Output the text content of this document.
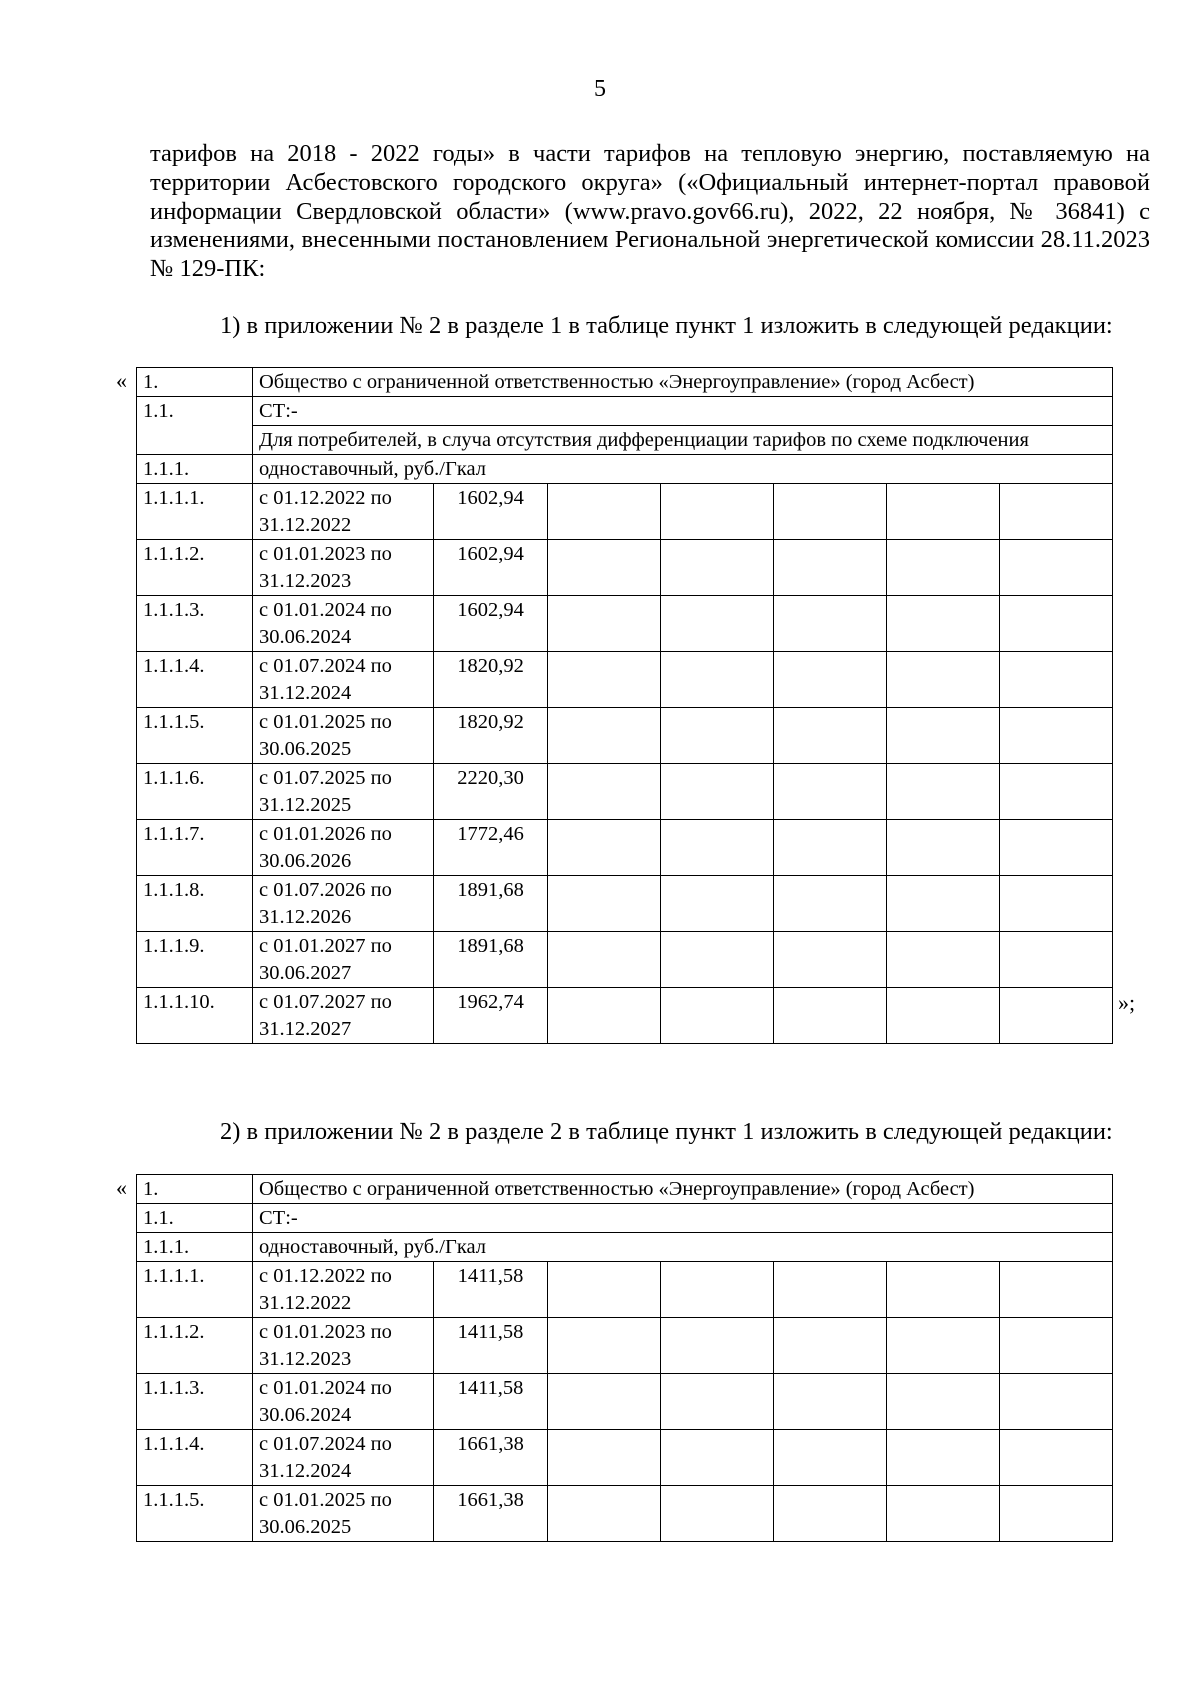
5
тарифов на 2018 - 2022 годы» в части тарифов на тепловую энергию, поставляемую на территории Асбестовского городского округа» («Официальный интернет-портал правовой информации Свердловской области» (www.pravo.gov66.ru), 2022, 22 ноября, № 36841) с изменениями, внесенными постановлением Региональной энергетической комиссии 28.11.2023 № 129-ПК:
1) в приложении № 2 в разделе 1 в таблице пункт 1 изложить в следующей редакции:
« 1.	Общество с ограниченной ответственностью «Энергоуправление» (город Асбест)						
1.1.	СТ:-						
	Для потребителей, в случа отсутствия дифференциации тарифов по схеме подключения						
1.1.1.	одноставочный, руб./Гкал						
1.1.1.1.	с 01.12.2022 по 31.12.2022	1602,94					
1.1.1.2.	с 01.01.2023 по 31.12.2023	1602,94					
1.1.1.3.	с 01.01.2024 по 30.06.2024	1602,94					
1.1.1.4.	с 01.07.2024 по 31.12.2024	1820,92					
1.1.1.5.	с 01.01.2025 по 30.06.2025	1820,92					
1.1.1.6.	с 01.07.2025 по 31.12.2025	2220,30					
1.1.1.7.	с 01.01.2026 по 30.06.2026	1772,46					
1.1.1.8.	с 01.07.2026 по 31.12.2026	1891,68					
1.1.1.9.	с 01.01.2027 по 30.06.2027	1891,68					
1.1.1.10.	с 01.07.2027 по 31.12.2027	1962,74						»;
2) в приложении № 2 в разделе 2 в таблице пункт 1 изложить в следующей редакции:
« 1.	Общество с ограниченной ответственностью «Энергоуправление» (город Асбест)						
1.1.	СТ:-						
1.1.1.	одноставочный, руб./Гкал						
1.1.1.1.	с 01.12.2022 по 31.12.2022	1411,58					
1.1.1.2.	с 01.01.2023 по 31.12.2023	1411,58					
1.1.1.3.	с 01.01.2024 по 30.06.2024	1411,58					
1.1.1.4.	с 01.07.2024 по 31.12.2024	1661,38					
1.1.1.5.	с 01.01.2025 по 30.06.2025	1661,38					
